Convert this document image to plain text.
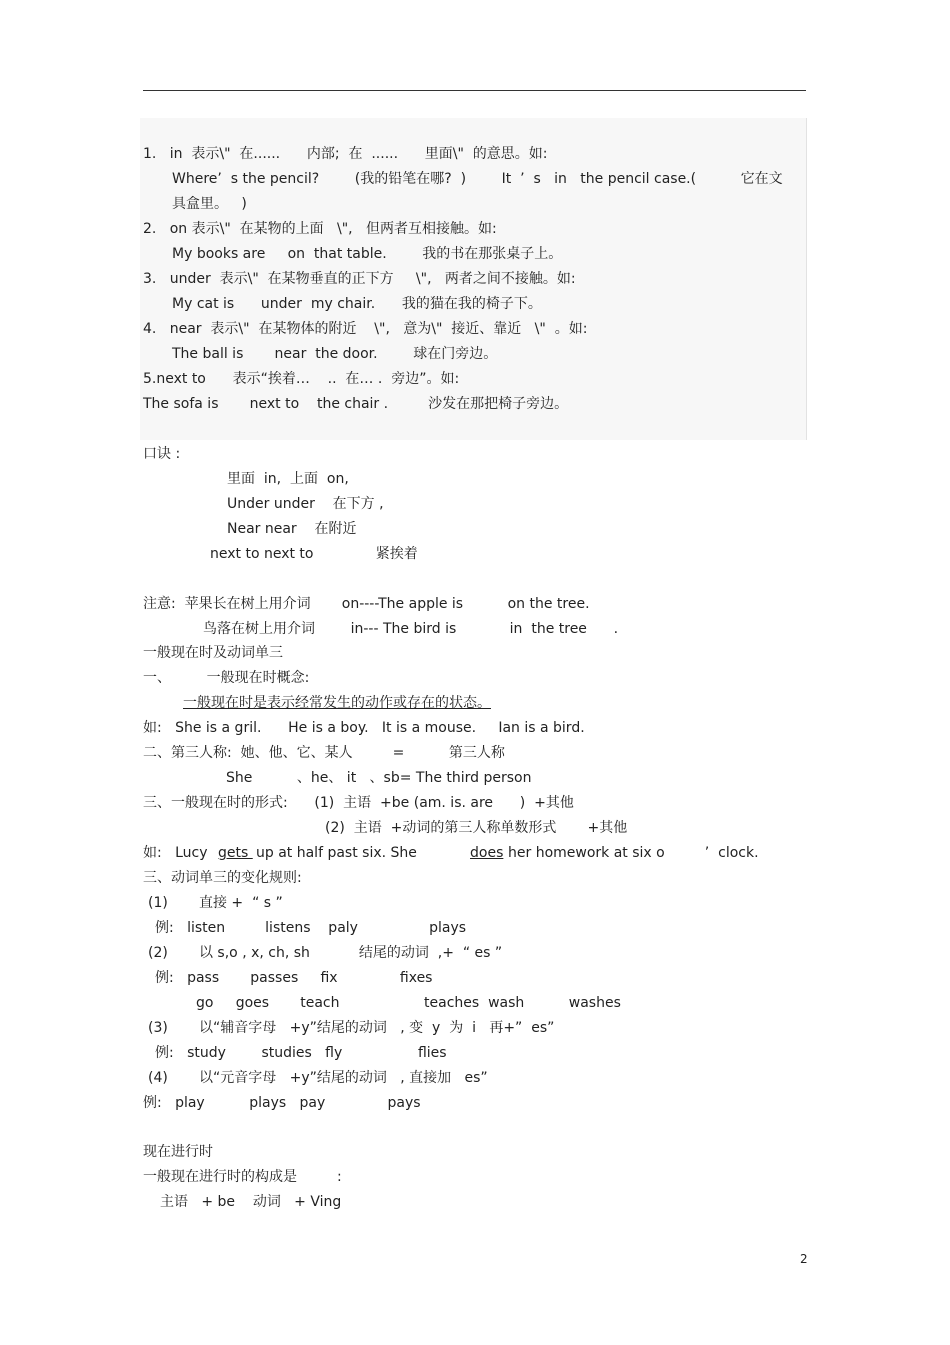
1.   in  表示\"  在......      内部;  在  ......      里面\"  的意思。如:
Where’  s the pencil?        (我的铅笔在哪?  )        It  ’  s   in   the pencil case.(          它在文
具盒里。   )
2.   on 表示\"  在某物的上面   \",   但两者互相接触。如:
My books are     on  that table.        我的书在那张桌子上。
3.   under  表示\"  在某物垂直的正下方     \",   两者之间不接触。如:
My cat is      under  my chair.      我的猫在我的椅子下。
4.   near  表示\"  在某物体的附近    \",   意为\"  接近、靠近   \"  。如:
The ball is       near  the door.        球在门旁边。
5.next to      表示“挨着…    ..  在… .  旁边”。如:
The sofa is       next to    the chair .         沙发在那把椅子旁边。
口诀 :
里面  in,  上面  on,
Under under    在下方 ,
Near near    在附近
next to next to              紧挨着
注意:  苹果长在树上用介词       on----The apple is          on the tree.
鸟落在树上用介词        in--- The bird is            in  the tree      .
一般现在时及动词单三
一、        一般现在时概念:
一般现在时是表示经常发生的动作或存在的状态。
如:   She is a gril.      He is a boy.   It is a mouse.     Ian is a bird.
二、第三人称:  她、他、它、某人         =          第三人称
She          、he、 it   、sb= The third person
三、一般现在时的形式:      (1)  主语  +be (am. is. are      )  +其他
(2)  主语  +动词的第三人称单数形式       +其他
如:   Lucy gets up at half past six. She	does her homework at six o         ’  clock.
三、动词单三的变化规则:
(1)       直接 +  “ s ”
例:   listen         listens    paly                plays
(2)       以 s,o , x, ch, sh           结尾的动词  ,+  “ es ”
例:   pass       passes     fix              fixes
go     goes       teach                   teaches  wash          washes
(3)       以“辅音字母   +y”结尾的动词   , 变  y  为  i   再+”  es”
例:   study        studies   fly                 flies
(4)       以“元音字母   +y”结尾的动词   , 直接加   es”
例:   play          plays   pay              pays
现在进行时
一般现在进行时的构成是         :
主语   + be    动词   + Ving
2
